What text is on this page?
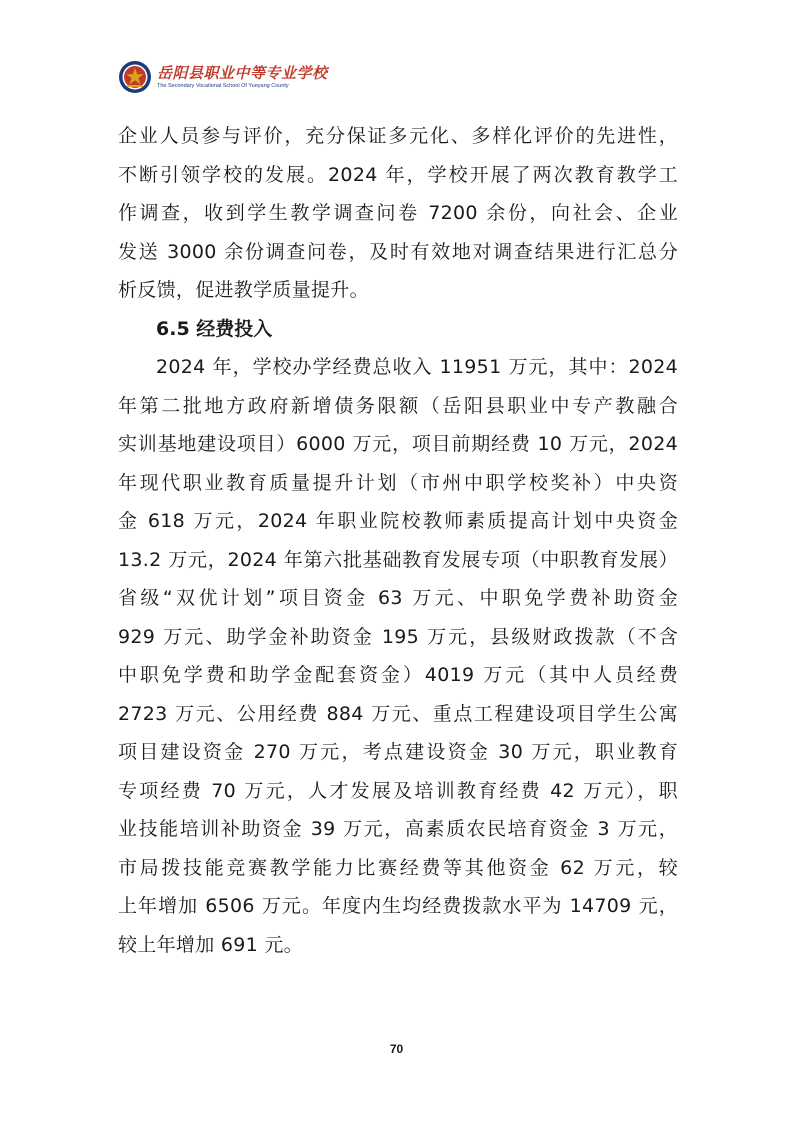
岳阳县职业中等专业学校
The Secondary Vocational School Of Yueyang County
企业人员参与评价，充分保证多元化、多样化评价的先进性，
不断引领学校的发展。2024 年，学校开展了两次教育教学工
作调查，收到学生教学调查问卷 7200 余份，向社会、企业
发送 3000 余份调查问卷，及时有效地对调查结果进行汇总分
析反馈，促进教学质量提升。
6.5 经费投入
2024 年，学校办学经费总收入 11951 万元，其中：2024
年第二批地方政府新增债务限额（岳阳县职业中专产教融合
实训基地建设项目）6000 万元，项目前期经费 10 万元，2024
年现代职业教育质量提升计划（市州中职学校奖补）中央资
金 618 万元，2024 年职业院校教师素质提高计划中央资金
13.2 万元，2024 年第六批基础教育发展专项（中职教育发展）
省级“双优计划”项目资金 63 万元、中职免学费补助资金
929 万元、助学金补助资金 195 万元，县级财政拨款（不含
中职免学费和助学金配套资金）4019 万元（其中人员经费
2723 万元、公用经费 884 万元、重点工程建设项目学生公寓
项目建设资金 270 万元，考点建设资金 30 万元，职业教育
专项经费 70 万元，人才发展及培训教育经费 42 万元），职
业技能培训补助资金 39 万元，高素质农民培育资金 3 万元，
市局拨技能竞赛教学能力比赛经费等其他资金 62 万元，较
上年增加 6506 万元。年度内生均经费拨款水平为 14709 元，
较上年增加 691 元。
70
